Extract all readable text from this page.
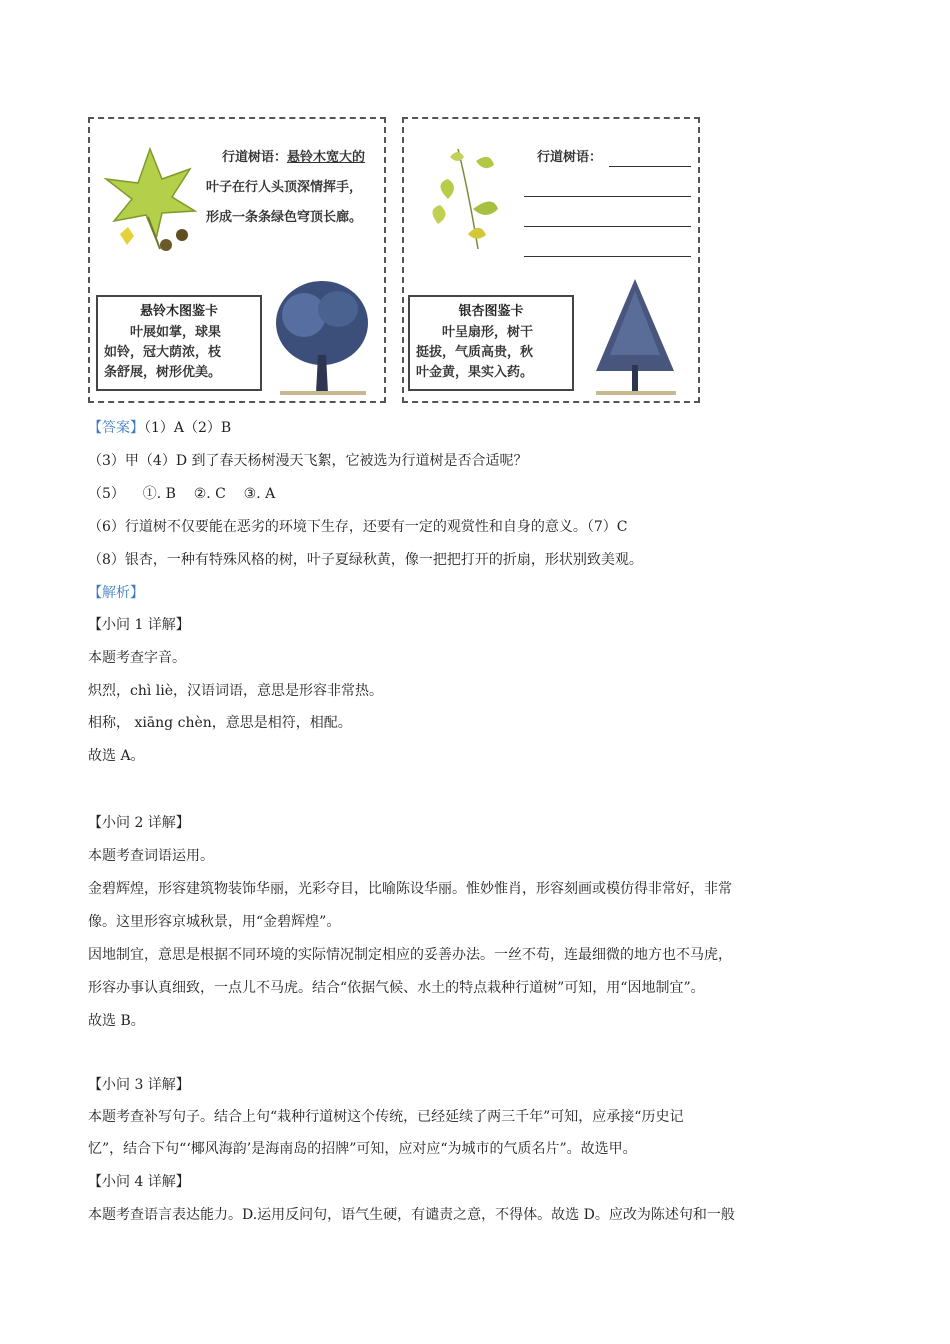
行道树语：悬铃木宽大的
叶子在行人头顶深情挥手，
形成一条条绿色穹顶长廊。
悬铃木图鉴卡
叶展如掌，球果
如铃，冠大荫浓，枝
条舒展，树形优美。
行道树语：
银杏图鉴卡
叶呈扇形，树干
挺拔，气质高贵，秋
叶金黄，果实入药。
【答案】（1）A（2）B
（3）甲（4）D 到了春天杨树漫天飞絮，它被选为行道树是否合适呢？
（5）    ①. B    ②. C    ③. A
（6）行道树不仅要能在恶劣的环境下生存，还要有一定的观赏性和自身的意义。（7）C
（8）银杏，一种有特殊风格的树，叶子夏绿秋黄，像一把把打开的折扇，形状别致美观。
【解析】
【小问 1 详解】
本题考查字音。
炽烈，chì liè，汉语词语，意思是形容非常热。
相称， xiāng chèn，意思是相符，相配。
故选 A。
【小问 2 详解】
本题考查词语运用。
金碧辉煌，形容建筑物装饰华丽，光彩夺目，比喻陈设华丽。惟妙惟肖，形容刻画或模仿得非常好，非常
像。这里形容京城秋景，用“金碧辉煌”。
因地制宜，意思是根据不同环境的实际情况制定相应的妥善办法。一丝不苟，连最细微的地方也不马虎，
形容办事认真细致，一点儿不马虎。结合“依据气候、水土的特点栽种行道树”可知，用“因地制宜”。
故选 B。
【小问 3 详解】
本题考查补写句子。结合上句“栽种行道树这个传统，已经延续了两三千年”可知，应承接“历史记
忆”，结合下句“‘椰风海韵’是海南岛的招牌”可知，应对应“为城市的气质名片”。故选甲。
【小问 4 详解】
本题考查语言表达能力。D.运用反问句，语气生硬，有谴责之意，不得体。故选 D。应改为陈述句和一般
